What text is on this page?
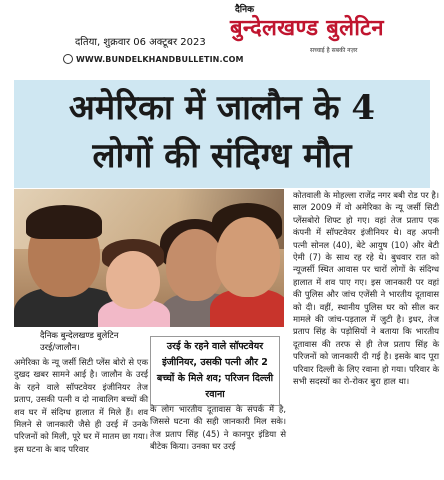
दतिया, शुक्रवार 06 अक्टूबर 2023
WWW.BUNDELKHANDBULLETIN.COM
दैनिक
बुन्देलखण्ड बुलेटिन
सच्चाई है सबकी नज़र
अमेरिका में जालौन के 4
लोगों की संदिग्ध मौत
दैनिक बुन्देलखण्ड बुलेटिन
उरई/जालौन।	उरई के रहने वाले सॉफ्टवेयर इंजीनियर, उसकी पत्नी और 2 बच्चों के मिले शव; परिजन दिल्ली रवाना
अमेरिका के न्यू जर्सी सिटी प्लेंस बोरो से एक दुखद खबर सामने आई है। जालौन के उरई के रहने वाले सॉफ्टवेयर इंजीनियर तेज प्रताप, उसकी पत्नी व दो नाबालिग बच्चों की शव घर में संदिग्ध हालात में मिले हैं। शव मिलने से जानकारी जैसे ही उरई में उनके परिजनों को मिली, पूरे घर में मातम छा गया। इस घटना के बाद परिवार
के लोग भारतीय दूतावास के संपर्क में है, जिससे घटना की सही जानकारी मिल सके। तेज प्रताप सिंह (45) ने कानपुर इंडिया से बीटेक किया। उनका घर उरई
कोतवाली के मोहल्ला राजेंद्र नगर बबी रोड पर है। साल 2009 में वो अमेरिका के न्यू जर्सी सिटी प्लेंसबोरो शिफ्ट हो गए। वहां तेज प्रताप एक कंपनी में सॉफ्टवेयर इंजीनियर थे। वह अपनी पत्नी सोनल (40), बेटे आयुष (10) और बेटी ऐमी (7) के साथ रह रहे थे। बुधवार रात को न्यूजर्सी स्थित आवास पर चारों लोगों के संदिग्ध हालात में शव पाए गए। इस जानकारी पर वहां की पुलिस और जांच एजेंसी ने भारतीय दूतावास को दी। वहीं, स्थानीय पुलिस घर को सील कर मामले की जांच-पड़ताल में जुटी है। इधर, तेज प्रताप सिंह के पड़ोसियों ने बताया कि भारतीय दूतावास की तरफ से ही तेज प्रताप सिंह के परिजनों को जानकारी दी गई है। इसके बाद पूरा परिवार दिल्ली के लिए रवाना हो गया। परिवार के सभी सदस्यों का रो-रोकर बुरा हाल था।
